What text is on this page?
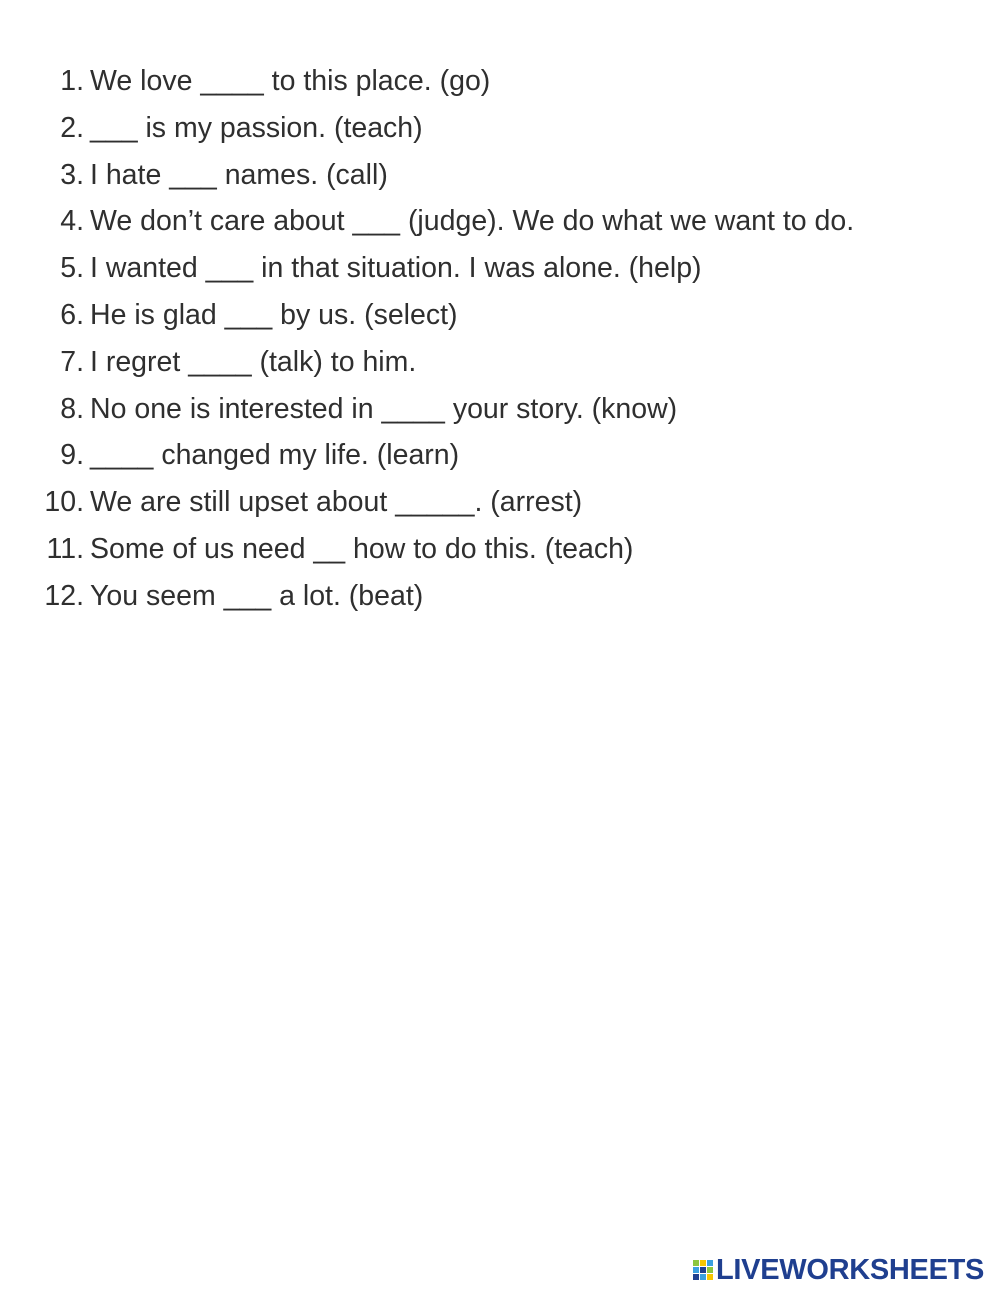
1. We love ____ to this place. (go)
2. ___ is my passion. (teach)
3. I hate ___ names. (call)
4. We don’t care about ___ (judge). We do what we want to do.
5. I wanted ___ in that situation. I was alone. (help)
6. He is glad ___ by us. (select)
7. I regret ____ (talk) to him.
8. No one is interested in ____ your story. (know)
9. ____ changed my life. (learn)
10. We are still upset about _____. (arrest)
11. Some of us need __ how to do this. (teach)
12. You seem ___ a lot. (beat)
LIVEWORKSHEETS
